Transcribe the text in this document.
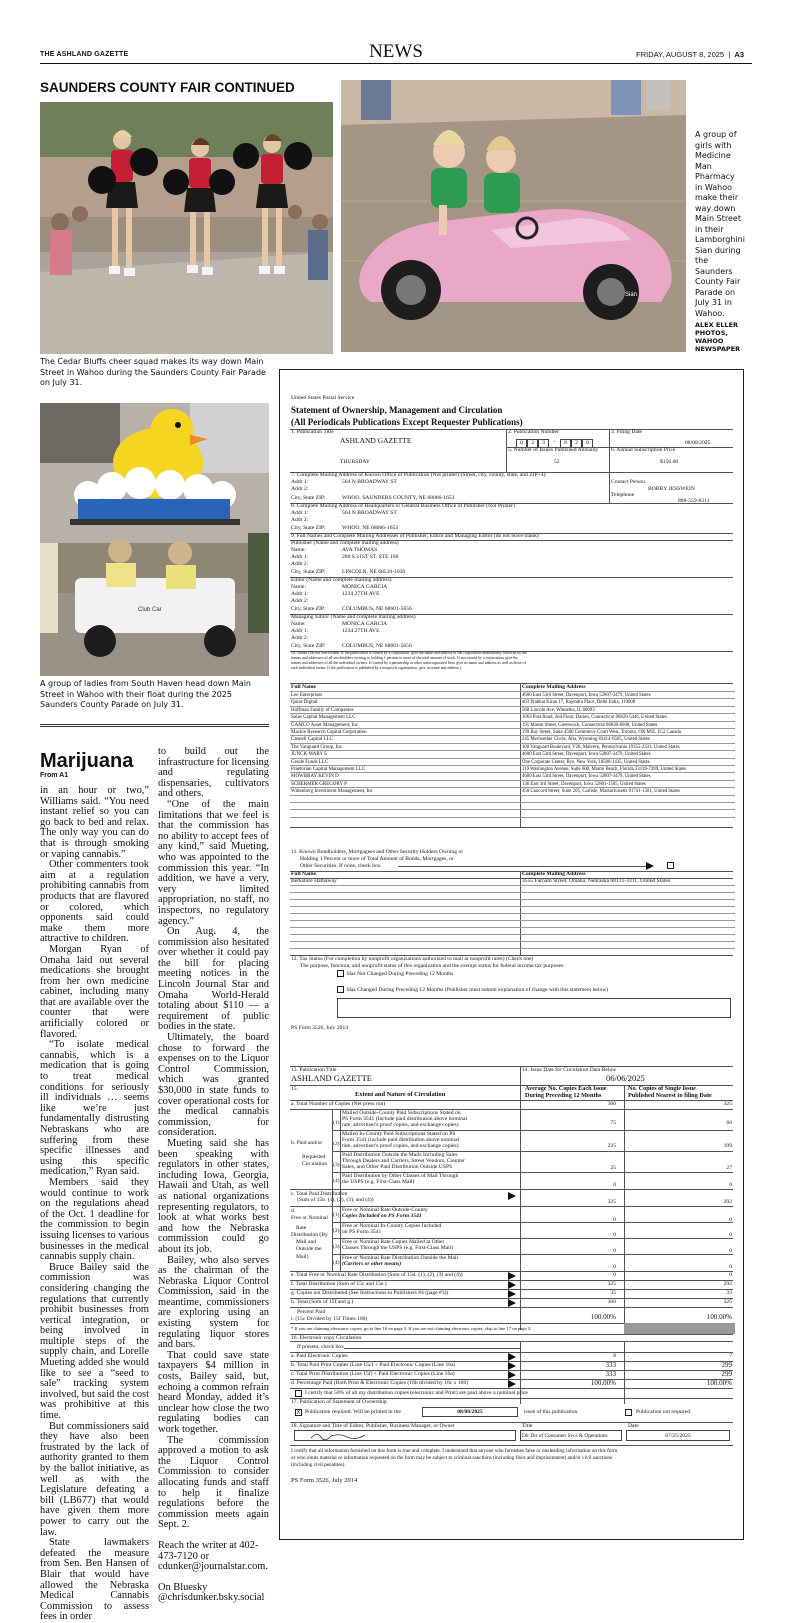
THE ASHLAND GAZETTE	NEWS	FRIDAY, AUGUST 8, 2025  |  A3
SAUNDERS COUNTY FAIR CONTINUED
The Cedar Bluffs cheer squad makes its way down Main Street in Wahoo during the Saunders County Fair Parade on July 31.
Sián
A group of girls with Medicine Man Pharmacy in Wahoo make their way down Main Street in their Lamborghini Sian during the Saunders County Fair Parade on July 31 in Wahoo.
ALEX ELLER PHOTOS, WAHOO NEWSPAPER
Club Car
A group of ladies from South Haven head down Main Street in Wahoo with their float during the 2025 Saunders County Parade on July 31.
Marijuana
From A1

in an hour or two,” Williams said. “You need instant relief so you can go back to bed and relax. The only way you can do that is through smoking or vaping cannabis.”

Other commenters took aim at a regulation prohibiting cannabis from products that are flavored or colored, which opponents said could make them more attractive to children.

Morgan Ryan of Omaha laid out several medications she brought from her own medicine cabinet, including many that are available over the counter that were artificially colored or flavored.

“To isolate medical cannabis, which is a medication that is going to treat medical conditions for seriously ill individuals … seems like we’re just fundamentally distrusting Nebraskans who are suffering from these specific illnesses and using this specific medication,” Ryan said.

Members said they would continue to work on the regulations ahead of the Oct. 1 deadline for the commission to begin issuing licenses to various businesses in the medical cannabis supply chain.

Bruce Bailey said the commission was considering changing the regulations that currently prohibit businesses from vertical integration, or being involved in multiple steps of the supply chain, and Lorelle Mueting added she would like to see a “seed to sale” tracking system involved, but said the cost was prohibitive at this time.

But commissioners said they have also been frustrated by the lack of authority granted to them by the ballot initiative, as well as with the Legislature defeating a bill (LB677) that would have given them more power to carry out the law.

State lawmakers defeated the measure from Sen. Ben Hansen of Blair that would have allowed the Nebraska Medical Cannabis Commission to assess fees in order

to build out the infrastructure for licensing and regulating dispensaries, cultivators and others.

“One of the main limitations that we feel is that the commission has no ability to accept fees of any kind,” said Mueting, who was appointed to the commission this year. “In addition, we have a very, very limited appropriation, no staff, no inspectors, no regulatory agency.”

On Aug. 4, the commission also hesitated over whether it could pay the bill for placing meeting notices in the Lincoln Journal Star and Omaha World-Herald totaling about $110 — a requirement of public bodies in the state.

Ultimately, the board chose to forward the expenses on to the Liquor Control Commission, which was granted $30,000 in state funds to cover operational costs for the medical cannabis commission, for consideration.

Mueting said she has been speaking with regulators in other states, including Iowa, Georgia, Hawaii and Utah, as well as national organizations representing regulators, to look at what works best and how the Nebraska commission could go about its job.

Bailey, who also serves as the chairman of the Nebraska Liquor Control Commission, said in the meantime, commissioners are exploring using an existing system for regulating liquor stores and bars.

That could save state taxpayers $4 million in costs, Bailey said, but, echoing a common refrain heard Monday, added it’s unclear how close the two regulating bodies can work together.

The commission approved a motion to ask the Liquor Control Commission to consider allocating funds and staff to help it finalize regulations before the commission meets again Sept. 2.

Reach the writer at 402-473-7120 or cdunker@journalstar.com.

On Bluesky @chrisdunker.bsky.social

United States Postal Service
Statement of Ownership, Management and Circulation
(All Periodicals Publications Except Requester Publications)
1. Publication Title
ASHLAND GAZETTE
2. Publication Number
0	3	3	-	8	2	0
3. Filing Date
08/08/2025
5. Number of Issues Published Annually
52
6. Annual Subscription Price
$156.00
THURSDAY
7. Complete Mailing Address of Known Office of Publication (Not printer) (Street, city, county, state, and ZIP+4)
Contact Person
BOBBY JESSWEIN
Telephone
888-559-8311
Addr 1:	564 N BROADWAY ST
Addr 2:
City, State ZIP:	WHOO, SAUNDERS COUNTY, NE 68066-1653
8. Complete Mailing Address of Headquarters or General Business Office of Publisher (Not Printer)
Addr 1:	564 N BROADWAY ST
Addr 2:
City, State ZIP:	WHOO, NE 68066-1653
9. Full Names and Complete Mailing Addresses of Publisher, Editor and Managing Editor (do not leave blank)
Publisher (Name and complete mailing address)
Name:	AVA THOMAS
Addr 1:	200 S 21ST ST. STE 100
Addr 2:
City, State ZIP:	LINCOLN, NE 68510-1030
Editor (Name and complete mailing address)
Name:	MONICA GARCIA
Addr 1:	1234 27TH AVE
Addr 2:
City, State ZIP:	COLUMBUS, NE 68601-5656
Managing Editor (Name and complete mailing address)
Name:	MONICA GARCIA
Addr 1:	1234 27TH AVE
Addr 2:
City, State ZIP:	COLUMBUS, NE 68601-5656
10. Owner (Do not leave blank. If the publication is owned by a corporation, give the name and address of the corporation immediately followed by the
names and addresses of all stockholders owning or holding 1 percent or more of the total amount of stock. If not owned by a corporation, give the
names and addresses of all the individual owners. If owned by a partnership or other unincorporated firm, give its name and address as well as those of
each individual owner. If the publication is published by a nonprofit organization, give its name and address.)
Full Name	Complete Mailing Address
Lee Enterprises	4600 East 53rd Street, Davenport, Iowa 52807-3479, United States
Quint Digital	403 Prabhat Kiran 17, Rajendra Place, Delhi India, 110008
Hoffman Family of Companies	568 Lincoln Ave, Winnetka, IL 60093
Solas Capital Management LLC	1063 Post Road, 2nd Floor, Darien, Connecticut 06820-5446, United States
GAMCO Asset Management, Inc	191 Mason Street, Greenwich, Connecticut 06830-6608, United States
Mackie Research Capital Corporation	199 Bay Street, Suite 4500 Commerce Court West, Toronto, ON M5L 1G2 Canada
Cannell Capital LLC	245 Meriwether Circle, Alta, Wyoming 83414-6565, United States
The Vanguard Group, Inc.	100 Vanguard Boulevard, V26, Malvern, Pennsylvania 19355-2331, United States
JUNCK MARY E	4600 East 53rd Street, Davenport, Iowa 52807-3479, United States
Geode Funds LLC	One Corporate Center, Rye, New York, 10580-1435, United States
Praetorian Capital Management LLC	110 Washington Avenue, Suite 600, Miami Beach, Florida 33139-7289, United States
MOWBRAY KEVIN D	4600 East 53rd Street, Davenport, Iowa 52807-3479, United States
SCHERMER GREGORY P	136 East 3rd Street, Davenport, Iowa 52801-1505, United States
Wittenberg Investment Management, Inc	450 Concord Street, Suite 205, Carlisle, Massachusetts 01741-1581, United States
11. Known Bondholders, Mortgagees and Other Security Holders Owning or
Holding 1 Percent or more of Total Amount of Bonds, Mortgages, or
Other Securities. If none, check box
Full Name	Complete Mailing Address
Berkshire Hathaway	3555 Farnam Street, Omaha, Nebraska 68131-3311, United States
12. Tax Status (For completion by nonprofit organizations authorized to mail at nonprofit rates) (Check one)
The purpose, function, and nonprofit status of this organization and the exempt status for federal income tax purposes:
Has Not Changed During Preceding 12 Months
Has Changed During Preceding 12 Months (Publisher must submit explanation of change with this statement below)
PS Form 3526, July 2014
13. Publication Title
ASHLAND GAZETTE
14. Issue Date for Circulation Data Below
06/06/2025
15.
Extent and Nature of Circulation
Average No. Copies Each Issue
During Preceding 12 Months
No. Copies of Single Issue
Published Nearest to filing Date
a. Total Number of Copies (Net press run)	360	325
b. Paid and/or
Requested
Circulation
(1)
Mailed Outside-County Paid Subscriptions Stated on
PS Form 3541 (Include paid distribution above nominal
rate, advertiser's proof copies, and exchange copies)	75	66
(2)
Mailed In-County Paid Subscriptions Stated on PS
Form 3541 (include paid distribution above nominal
rate, advertiser's proof copies, and exchange copies)	225	199
(3)
Paid Distribution Outside the Mails Including Sales
Through Dealers and Carriers, Street Vendors, Counter
Sales, and Other Paid Distribution Outside USPS	25	27
(4)
Paid Distribution by Other Classes of Mail Through
the USPS (e.g. First-Class Mail)	0	0
c. Total Paid Distribution
(Sum of 15b. (1), (2), (3), and (4))	325	292
d.
Free or Nominal
Rate
Distribution (By
Mail and
Outside the
Mail)
(1)
Free or Nominal Rate Outside-County
Copies Included on PS Form 3541
0	0
(2)
Free or Nominal In-County Copies Included
on PS Form 3541	0	0
(3)
Free or Nominal Rate Copies Mailed at Other
Classes Through the USPS (e.g. First-Class Mail)	0	0
(4)
Free or Nominal Rate Distribution Outside the Mail
(Carriers or other means)	0	0
e. Total Free or Nominal Rate Distribution (Sum of 15d. (1), (2), (3) and (4))	0	0
f. Total Distribution (Sum of 15c and 15e.)	325	292
g. Copies not Distributed (See Instructions to Publishers #4 (page #3))	35	33
h. Total (Sum of 15f and g.)	360	325
Percent Paid
i. (15c Divided by 15f Times 100)	100.00%	100.00%
* If you are claiming electronic copies, go to line 16 on page 3. If you are not claiming electronic copies, skip to line 17 on page 3.
16. Electronic copy Circulation
If present, check box
a. Paid Electronic Copies	8	7
b. Total Paid Print Copies (Line 15c) + Paid Electronic Copies (Line 16a)	333	299
c. Total Print Distribution (Line 15f) + Paid Electronic Copies (Line 16a)	333	299
d. Percentage Paid (Both Print & Electronic Copies (16b divided by 16c x 100)	100.00%	100.00%
I certify that 50% of all my distribution copies (electronic and Print) are paid above a nominal price
17. Publication of Statement of Ownership
X Publication required. Will be printed in the	08/08/2025	issue of this publication.	Publication not required
18. Signature and Title of Editor, Publisher, Business Manager, or Owner	Title	Date
Dir Dir of Consumer Svcs & Operations	07/25/2025
I certify that all information furnished on this form is true and complete. I understand that anyone who furnishes false or misleading information on this form
or who omits material or information requested on the form may be subject to criminal sanctions (including fines and imprisonment) and/or civil sanctions
(including civil penalties).
PS Form 3526, July 2014
